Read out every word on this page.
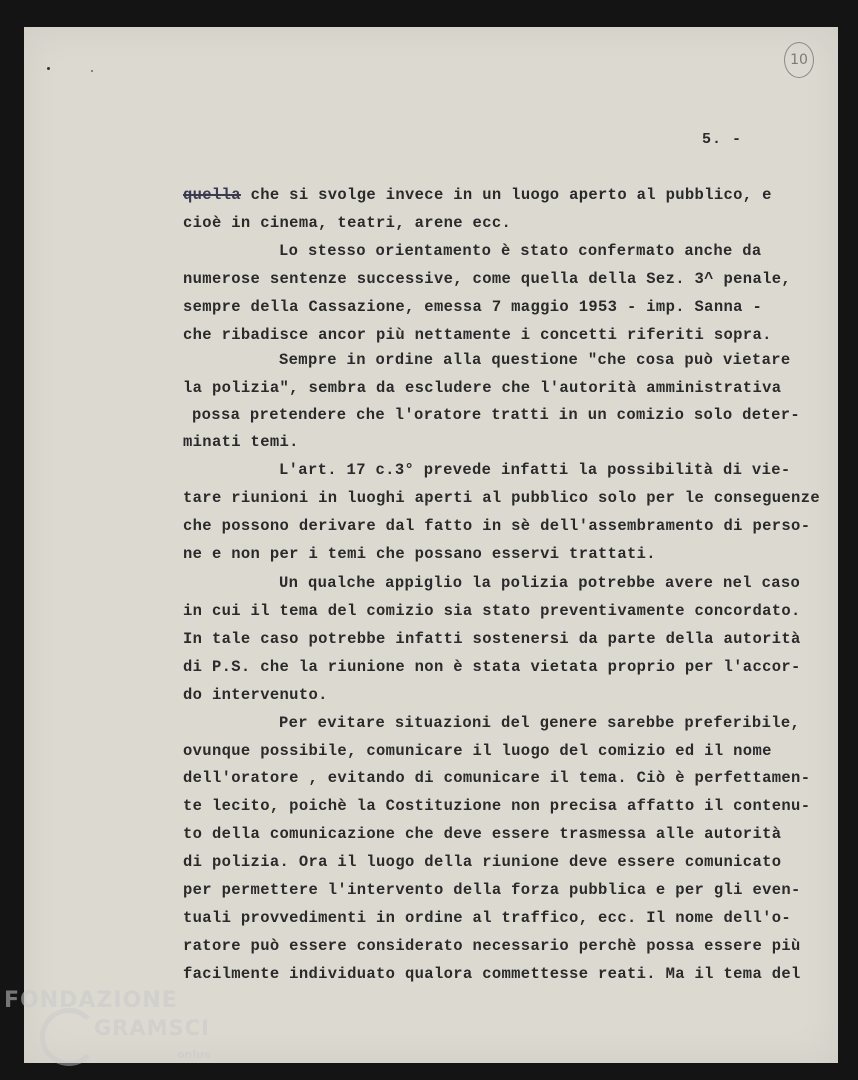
10
5. -
quella che si svolge invece in un luogo aperto al pubblico, e
cioè in cinema, teatri, arene ecc.
Lo stesso orientamento è stato confermato anche da
numerose sentenze successive, come quella della Sez. 3^ penale,
sempre della Cassazione, emessa 7 maggio 1953 - imp. Sanna -
che ribadisce ancor più nettamente i concetti riferiti sopra.
Sempre in ordine alla questione "che cosa può vietare
la polizia", sembra da escludere che l'autorità amministrativa
possa pretendere che l'oratore tratti in un comizio solo deter-
minati temi.
L'art. 17 c.3° prevede infatti la possibilità di vie-
tare riunioni in luoghi aperti al pubblico solo per le conseguenze
che possono derivare dal fatto in sè dell'assembramento di perso-
ne e non per i temi che possano esservi trattati.
Un qualche appiglio la polizia potrebbe avere nel caso
in cui il tema del comizio sia stato preventivamente concordato.
In tale caso potrebbe infatti sostenersi da parte della autorità
di P.S. che la riunione non è stata vietata proprio per l'accor-
do intervenuto.
Per evitare situazioni del genere sarebbe preferibile,
ovunque possibile, comunicare il luogo del comizio ed il nome
dell'oratore , evitando di comunicare il tema. Ciò è perfettamen-
te lecito, poichè la Costituzione non precisa affatto il contenu-
to della comunicazione che deve essere trasmessa alle autorità
di polizia. Ora il luogo della riunione deve essere comunicato
per permettere l'intervento della forza pubblica e per gli even-
tuali provvedimenti in ordine al traffico, ecc. Il nome dell'o-
ratore può essere considerato necessario perchè possa essere più
facilmente individuato qualora commettesse reati. Ma il tema del
FONDAZIONE
GRAMSCI
onlus
